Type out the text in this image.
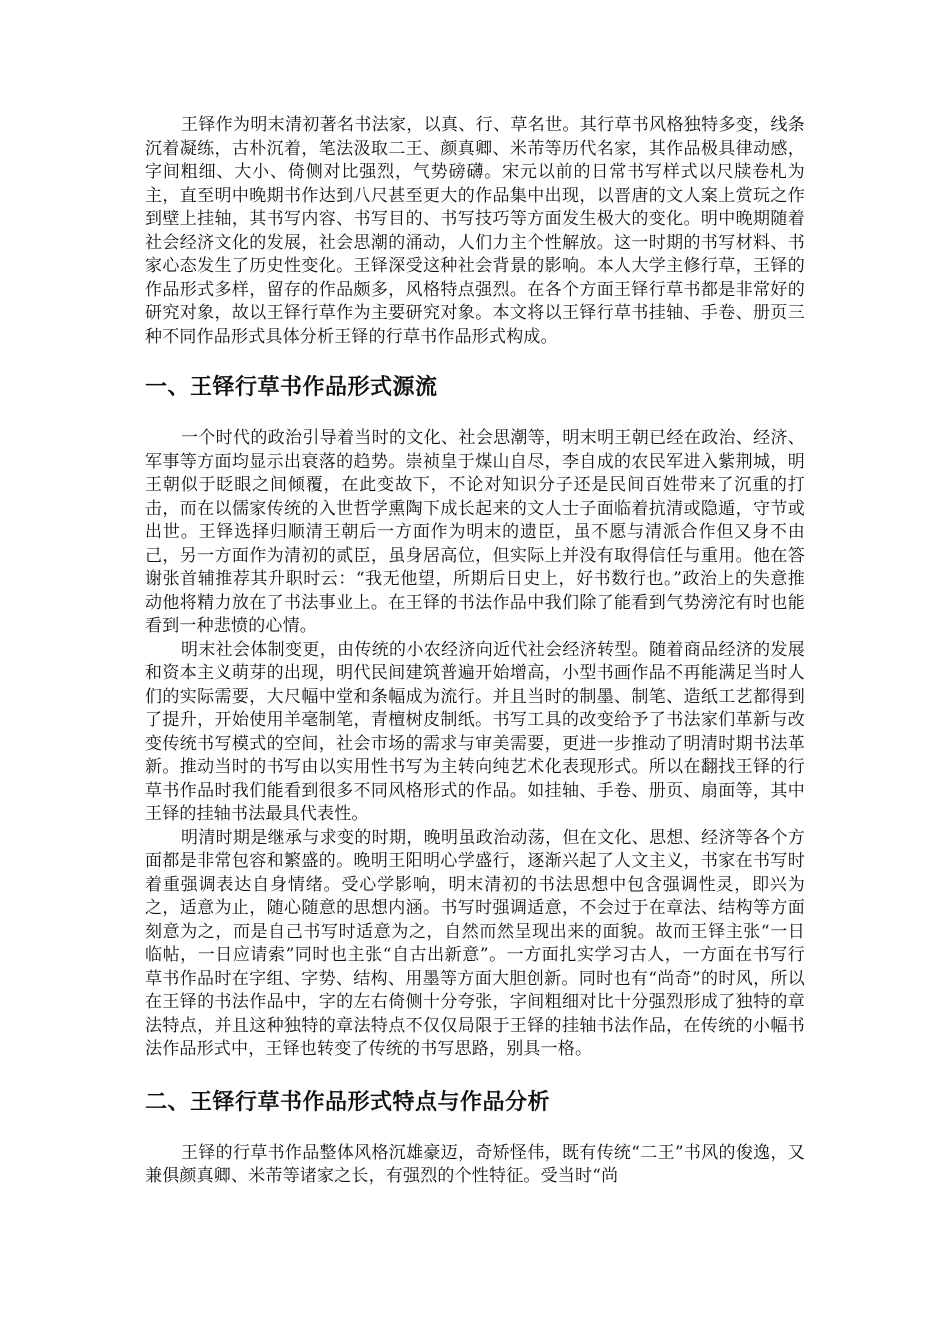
王铎作为明末清初著名书法家，以真、行、草名世。其行草书风格独特多变，线条沉着凝练，古朴沉着，笔法汲取二王、颜真卿、米芾等历代名家，其作品极具律动感，字间粗细、大小、倚侧对比强烈，气势磅礴。宋元以前的日常书写样式以尺牍卷札为主，直至明中晚期书作达到八尺甚至更大的作品集中出现，以晋唐的文人案上赏玩之作到壁上挂轴，其书写内容、书写目的、书写技巧等方面发生极大的变化。明中晚期随着社会经济文化的发展，社会思潮的涌动，人们力主个性解放。这一时期的书写材料、书家心态发生了历史性变化。王铎深受这种社会背景的影响。本人大学主修行草，王铎的作品形式多样，留存的作品颇多，风格特点强烈。在各个方面王铎行草书都是非常好的研究对象，故以王铎行草作为主要研究对象。本文将以王铎行草书挂轴、手卷、册页三种不同作品形式具体分析王铎的行草书作品形式构成。

一、王铎行草书作品形式源流

一个时代的政治引导着当时的文化、社会思潮等，明末明王朝已经在政治、经济、军事等方面均显示出衰落的趋势。崇祯皇于煤山自尽，李自成的农民军进入紫荆城，明王朝似于眨眼之间倾覆，在此变故下，不论对知识分子还是民间百姓带来了沉重的打击，而在以儒家传统的入世哲学熏陶下成长起来的文人士子面临着抗清或隐遁，守节或出世。王铎选择归顺清王朝后一方面作为明末的遗臣，虽不愿与清派合作但又身不由己，另一方面作为清初的贰臣，虽身居高位，但实际上并没有取得信任与重用。他在答谢张首辅推荐其升职时云：“我无他望，所期后日史上，好书数行也。”政治上的失意推动他将精力放在了书法事业上。在王铎的书法作品中我们除了能看到气势滂沱有时也能看到一种悲愤的心情。

明末社会体制变更，由传统的小农经济向近代社会经济转型。随着商品经济的发展和资本主义萌芽的出现，明代民间建筑普遍开始增高，小型书画作品不再能满足当时人们的实际需要，大尺幅中堂和条幅成为流行。并且当时的制墨、制笔、造纸工艺都得到了提升，开始使用羊毫制笔，青檀树皮制纸。书写工具的改变给予了书法家们革新与改变传统书写模式的空间，社会市场的需求与审美需要，更进一步推动了明清时期书法革新。推动当时的书写由以实用性书写为主转向纯艺术化表现形式。所以在翻找王铎的行草书作品时我们能看到很多不同风格形式的作品。如挂轴、手卷、册页、扇面等，其中王铎的挂轴书法最具代表性。

明清时期是继承与求变的时期，晚明虽政治动荡，但在文化、思想、经济等各个方面都是非常包容和繁盛的。晚明王阳明心学盛行，逐渐兴起了人文主义，书家在书写时着重强调表达自身情绪。受心学影响，明末清初的书法思想中包含强调性灵，即兴为之，适意为止，随心随意的思想内涵。书写时强调适意，不会过于在章法、结构等方面刻意为之，而是自己书写时适意为之，自然而然呈现出来的面貌。故而王铎主张“一日临帖，一日应请索”同时也主张“自古出新意”。一方面扎实学习古人，一方面在书写行草书作品时在字组、字势、结构、用墨等方面大胆创新。同时也有“尚奇”的时风，所以在王铎的书法作品中，字的左右倚侧十分夸张，字间粗细对比十分强烈形成了独特的章法特点，并且这种独特的章法特点不仅仅局限于王铎的挂轴书法作品，在传统的小幅书法作品形式中，王铎也转变了传统的书写思路，别具一格。

二、王铎行草书作品形式特点与作品分析

王铎的行草书作品整体风格沉雄豪迈，奇矫怪伟，既有传统“二王”书风的俊逸，又兼俱颜真卿、米芾等诸家之长，有强烈的个性特征。受当时“尚
